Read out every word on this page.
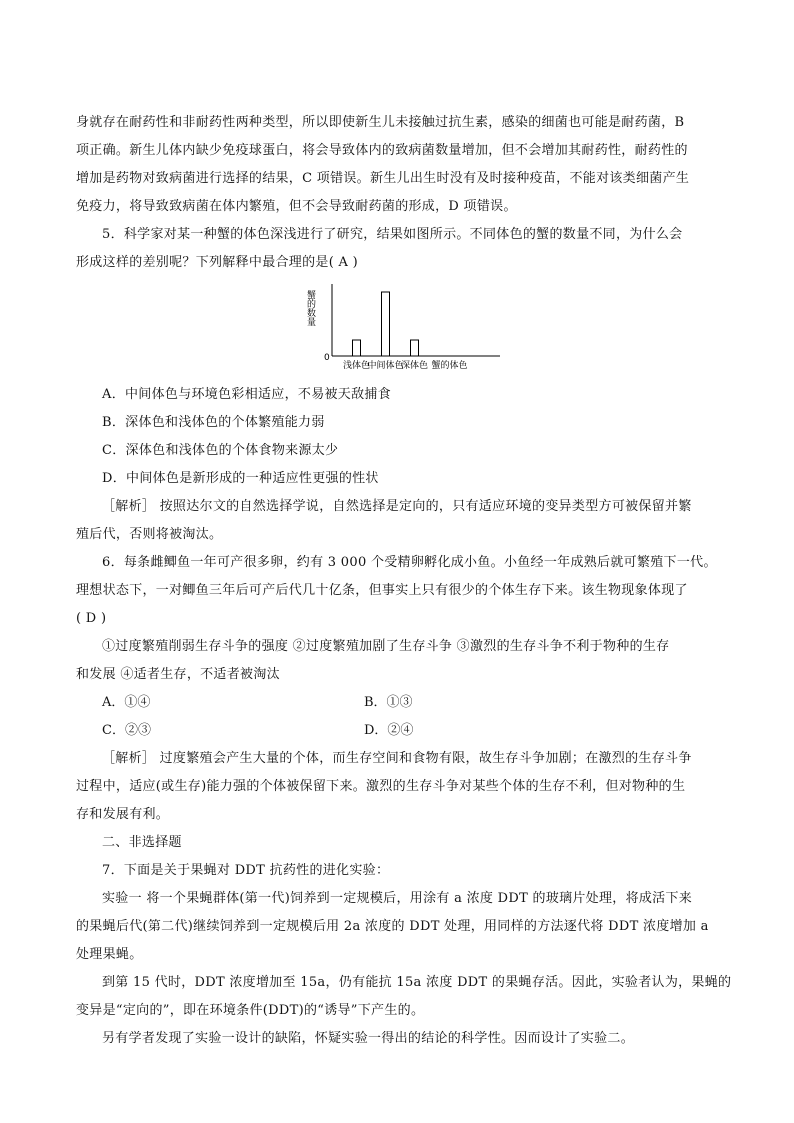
身就存在耐药性和非耐药性两种类型，所以即使新生儿未接触过抗生素，感染的细菌也可能是耐药菌，B
项正确。新生儿体内缺少免疫球蛋白，将会导致体内的致病菌数量增加，但不会增加其耐药性，耐药性的
增加是药物对致病菌进行选择的结果，C 项错误。新生儿出生时没有及时接种疫苗，不能对该类细菌产生
免疫力，将导致致病菌在体内繁殖，但不会导致耐药菌的形成，D 项错误。
5．科学家对某一种蟹的体色深浅进行了研究，结果如图所示。不同体色的蟹的数量不同，为什么会
形成这样的差别呢？下列解释中最合理的是( A )
蟹的数量
0
浅体色
中间体色
深体色 蟹的体色
A．中间体色与环境色彩相适应，不易被天敌捕食
B．深体色和浅体色的个体繁殖能力弱
C．深体色和浅体色的个体食物来源太少
D．中间体色是新形成的一种适应性更强的性状
［解析］ 按照达尔文的自然选择学说，自然选择是定向的，只有适应环境的变异类型方可被保留并繁
殖后代，否则将被淘汰。
6．每条雌鲫鱼一年可产很多卵，约有 3 000 个受精卵孵化成小鱼。小鱼经一年成熟后就可繁殖下一代。
理想状态下，一对鲫鱼三年后可产后代几十亿条，但事实上只有很少的个体生存下来。该生物现象体现了
( D )
①过度繁殖削弱生存斗争的强度 ②过度繁殖加剧了生存斗争 ③激烈的生存斗争不利于物种的生存
和发展 ④适者生存，不适者被淘汰
A．①④	B．①③
C．②③	D．②④
［解析］ 过度繁殖会产生大量的个体，而生存空间和食物有限，故生存斗争加剧；在激烈的生存斗争
过程中，适应(或生存)能力强的个体被保留下来。激烈的生存斗争对某些个体的生存不利，但对物种的生
存和发展有利。
二、非选择题
7．下面是关于果蝇对 DDT 抗药性的进化实验：
实验一 将一个果蝇群体(第一代)饲养到一定规模后，用涂有 a 浓度 DDT 的玻璃片处理，将成活下来
的果蝇后代(第二代)继续饲养到一定规模后用 2a 浓度的 DDT 处理，用同样的方法逐代将 DDT 浓度增加 a
处理果蝇。
到第 15 代时，DDT 浓度增加至 15a，仍有能抗 15a 浓度 DDT 的果蝇存活。因此，实验者认为，果蝇的
变异是“定向的”，即在环境条件(DDT)的“诱导”下产生的。
另有学者发现了实验一设计的缺陷，怀疑实验一得出的结论的科学性。因而设计了实验二。
